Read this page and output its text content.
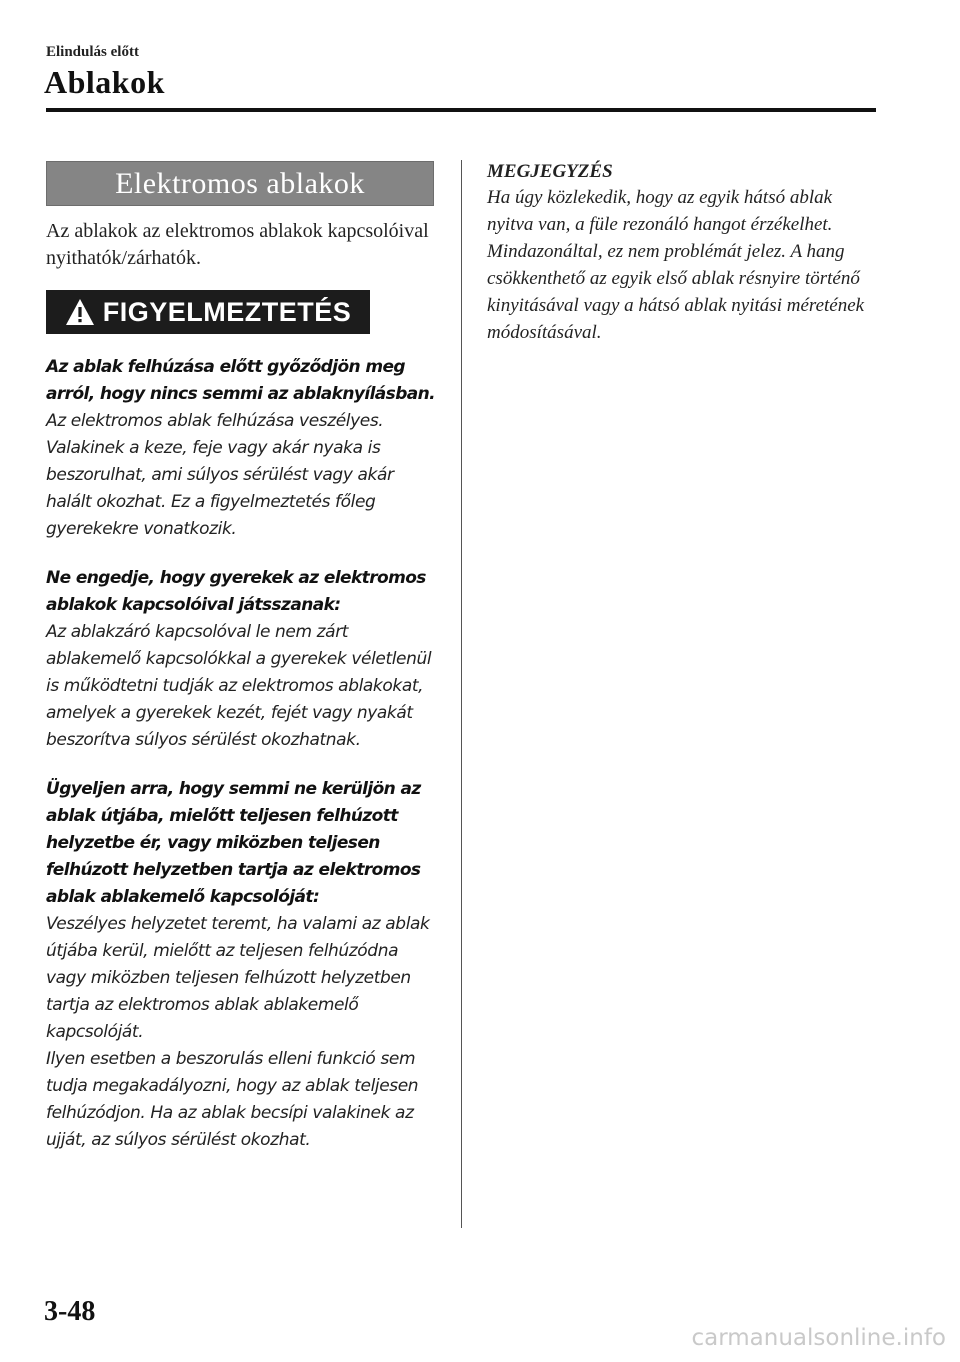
Elindulás előtt
Ablakok
Elektromos ablakok

Az ablakok az elektromos ablakok kapcsolóival nyithatók/zárhatók.

FIGYELMEZTETÉS
Az ablak felhúzása előtt győződjön meg arról, hogy nincs semmi az ablaknyílásban.
Az elektromos ablak felhúzása veszélyes. Valakinek a keze, feje vagy akár nyaka is beszorulhat, ami súlyos sérülést vagy akár halált okozhat. Ez a figyelmeztetés főleg gyerekekre vonatkozik.
Ne engedje, hogy gyerekek az elektromos ablakok kapcsolóival játsszanak:
Az ablakzáró kapcsolóval le nem zárt ablakemelő kapcsolókkal a gyerekek véletlenül is működtetni tudják az elektromos ablakokat, amelyek a gyerekek kezét, fejét vagy nyakát beszorítva súlyos sérülést okozhatnak.
Ügyeljen arra, hogy semmi ne kerüljön az ablak útjába, mielőtt teljesen felhúzott helyzetbe ér, vagy miközben teljesen felhúzott helyzetben tartja az elektromos ablak ablakemelő kapcsolóját:
Veszélyes helyzetet teremt, ha valami az ablak útjába kerül, mielőtt az teljesen felhúzódna vagy miközben teljesen felhúzott helyzetben tartja az elektromos ablak ablakemelő kapcsolóját.
Ilyen esetben a beszorulás elleni funkció sem tudja megakadályozni, hogy az ablak teljesen felhúzódjon. Ha az ablak becsípi valakinek az ujját, az súlyos sérülést okozhat.
MEGJEGYZÉS
Ha úgy közlekedik, hogy az egyik hátsó ablak nyitva van, a füle rezonáló hangot érzékelhet. Mindazonáltal, ez nem problémát jelez. A hang csökkenthető az egyik első ablak résnyire történő kinyitásával vagy a hátsó ablak nyitási méretének módosításával.
3-48
carmanualsonline.info
